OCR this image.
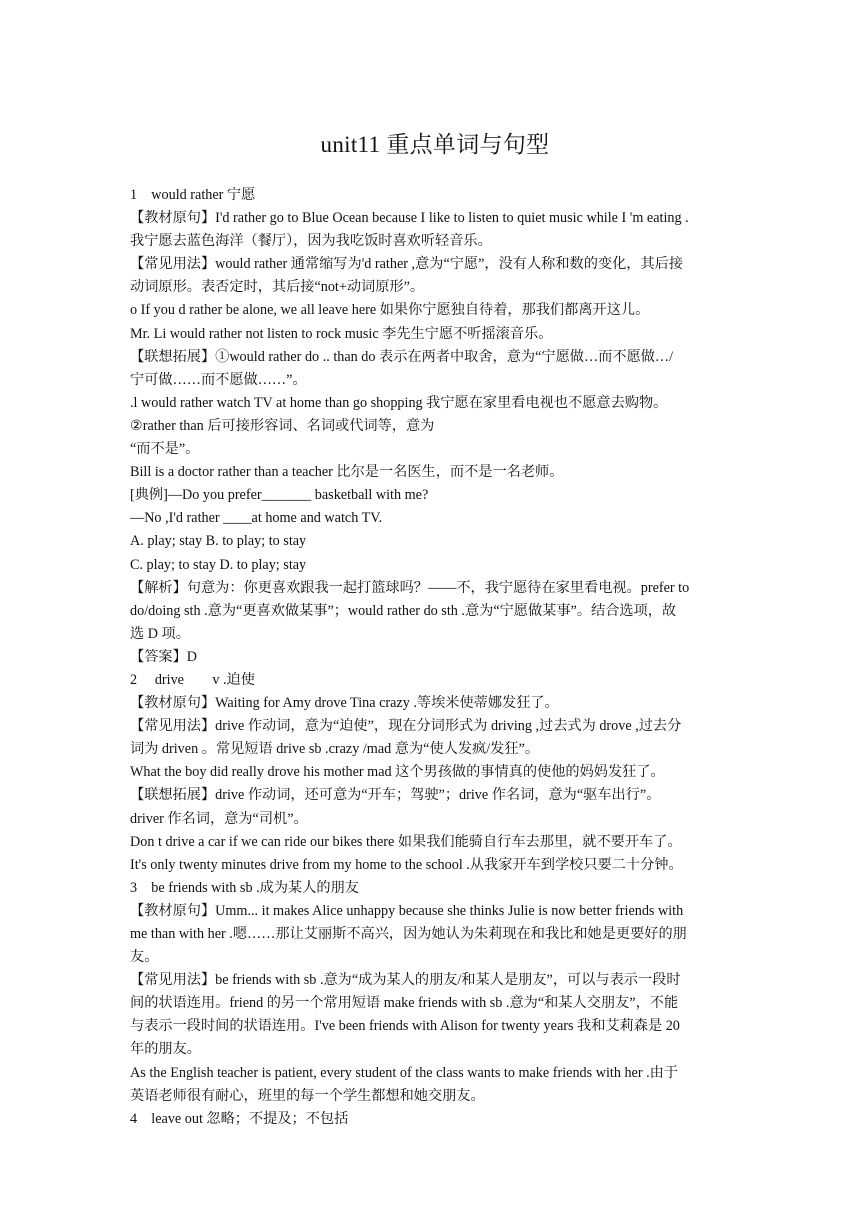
unit11 重点单词与句型

1　would rather 宁愿

【教材原句】I'd rather go to Blue Ocean because I like to listen to quiet music while I 'm eating .

我宁愿去蓝色海洋（餐厅），因为我吃饭时喜欢听轻音乐。

【常见用法】would rather 通常缩写为'd rather ,意为“宁愿”，没有人称和数的变化，其后接

动词原形。表否定时，其后接“not+动词原形”。

o If you d rather be alone, we all leave here 如果你宁愿独自待着，那我们都离开这儿。

Mr. Li would rather not listen to rock music 李先生宁愿不听摇滚音乐。

【联想拓展】①would rather do .. than do 表示在两者中取舍，意为“宁愿做…而不愿做…/

宁可做……而不愿做……”。

.l would rather watch TV at home than go shopping 我宁愿在家里看电视也不愿意去购物。

②rather than 后可接形容词、名词或代词等，意为

“而不是”。

Bill is a doctor rather than a teacher 比尔是一名医生，而不是一名老师。

[典例]—Do you prefer_______ basketball with me?

—No ,I'd rather ____at home and watch TV.

A. play; stay B. to play; to stay

C. play; to stay D. to play; stay

【解析】句意为：你更喜欢跟我一起打篮球吗？——不，我宁愿待在家里看电视。prefer to

do/doing sth .意为“更喜欢做某事”；would rather do sth .意为“宁愿做某事”。结合选项，故

选 D 项。

【答案】D

2　 drive　　v .迫使

【教材原句】Waiting for Amy drove Tina crazy .等埃米使蒂娜发狂了。

【常见用法】drive 作动词，意为“迫使”，现在分词形式为 driving ,过去式为 drove ,过去分

词为 driven 。常见短语 drive sb .crazy /mad 意为“使人发疯/发狂”。

What the boy did really drove his mother mad 这个男孩做的事情真的使他的妈妈发狂了。

【联想拓展】drive 作动词，还可意为“开车；驾驶”；drive 作名词，意为“驱车出行”。

driver 作名词，意为“司机”。

Don t drive a car if we can ride our bikes there 如果我们能骑自行车去那里，就不要开车了。

It's only twenty minutes drive from my home to the school .从我家开车到学校只要二十分钟。

3　be friends with sb .成为某人的朋友

【教材原句】Umm... it makes Alice unhappy because she thinks Julie is now better friends with

me than with her .嗯……那让艾丽斯不高兴，因为她认为朱莉现在和我比和她是更要好的朋

友。

【常见用法】be friends with sb .意为“成为某人的朋友/和某人是朋友”，可以与表示一段时

间的状语连用。friend 的另一个常用短语 make friends with sb .意为“和某人交朋友”，不能

与表示一段时间的状语连用。I've been friends with Alison for twenty years 我和艾莉森是 20

年的朋友。

As the English teacher is patient, every student of the class wants to make friends with her .由于

英语老师很有耐心，班里的每一个学生都想和她交朋友。

4　leave out 忽略；不提及；不包括
